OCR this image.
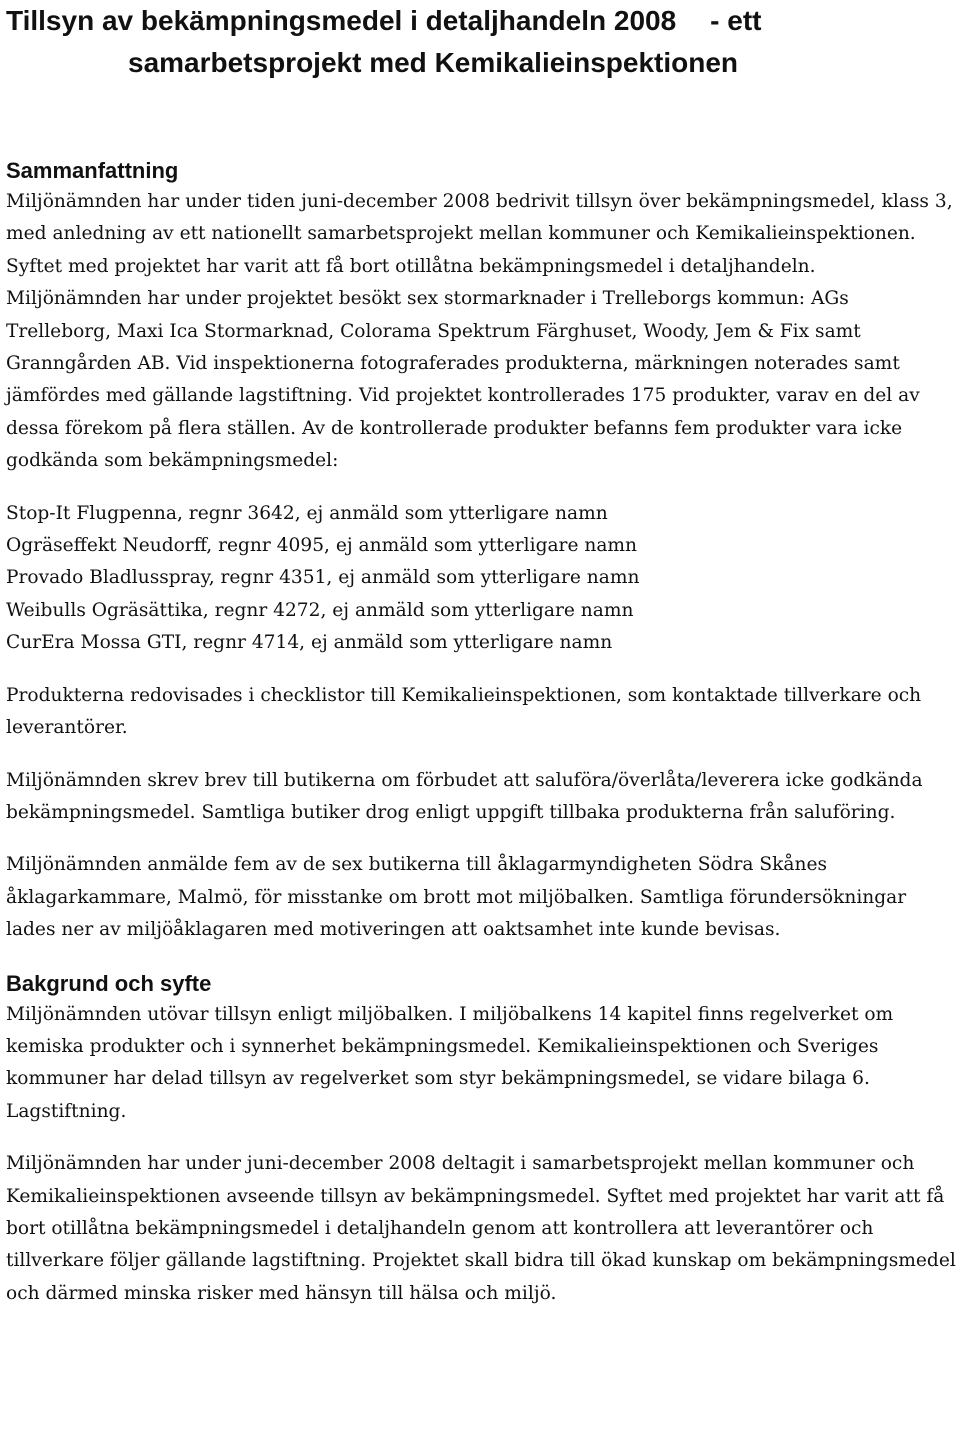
Tillsyn av bekämpningsmedel i detaljhandeln 2008 - ett
samarbetsprojekt med Kemikalieinspektionen
Sammanfattning

Miljönämnden har under tiden juni-december 2008 bedrivit tillsyn över bekämpningsmedel, klass 3, med anledning av ett nationellt samarbetsprojekt mellan kommuner och Kemikalieinspektionen. Syftet med projektet har varit att få bort otillåtna bekämpningsmedel i detaljhandeln. Miljönämnden har under projektet besökt sex stormarknader i Trelleborgs kommun: AGs Trelleborg, Maxi Ica Stormarknad, Colorama Spektrum Färghuset, Woody, Jem & Fix samt Granngården AB. Vid inspektionerna fotograferades produkterna, märkningen noterades samt jämfördes med gällande lagstiftning. Vid projektet kontrollerades 175 produkter, varav en del av dessa förekom på flera ställen. Av de kontrollerade produkter befanns fem produkter vara icke godkända som bekämpningsmedel:

Stop-It Flugpenna, regnr 3642, ej anmäld som ytterligare namn
Ogräseffekt Neudorff, regnr 4095, ej anmäld som ytterligare namn
Provado Bladlusspray, regnr 4351, ej anmäld som ytterligare namn
Weibulls Ogräsättika, regnr 4272, ej anmäld som ytterligare namn
CurEra Mossa GTI, regnr 4714, ej anmäld som ytterligare namn

Produkterna redovisades i checklistor till Kemikalieinspektionen, som kontaktade tillverkare och leverantörer.

Miljönämnden skrev brev till butikerna om förbudet att saluföra/överlåta/leverera icke godkända bekämpningsmedel. Samtliga butiker drog enligt uppgift tillbaka produkterna från saluföring.

Miljönämnden anmälde fem av de sex butikerna till åklagarmyndigheten Södra Skånes åklagarkammare, Malmö, för misstanke om brott mot miljöbalken. Samtliga förundersökningar lades ner av miljöåklagaren med motiveringen att oaktsamhet inte kunde bevisas.

Bakgrund och syfte

Miljönämnden utövar tillsyn enligt miljöbalken. I miljöbalkens 14 kapitel finns regelverket om kemiska produkter och i synnerhet bekämpningsmedel. Kemikalieinspektionen och Sveriges kommuner har delad tillsyn av regelverket som styr bekämpningsmedel, se vidare bilaga 6. Lagstiftning.

Miljönämnden har under juni-december 2008 deltagit i samarbetsprojekt mellan kommuner och Kemikalieinspektionen avseende tillsyn av bekämpningsmedel. Syftet med projektet har varit att få bort otillåtna bekämpningsmedel i detaljhandeln genom att kontrollera att leverantörer och tillverkare följer gällande lagstiftning. Projektet skall bidra till ökad kunskap om bekämpningsmedel och därmed minska risker med hänsyn till hälsa och miljö.
